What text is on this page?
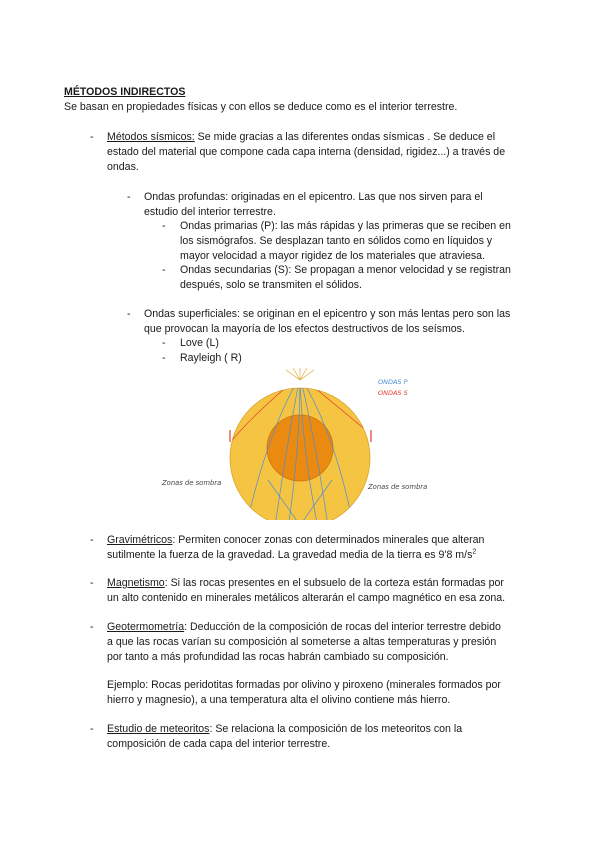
MÉTODOS INDIRECTOS
Se basan en propiedades físicas y con ellos se deduce como es el interior terrestre.
- Métodos sísmicos: Se mide gracias a las diferentes ondas sísmicas . Se deduce el
estado del material que compone cada capa interna (densidad, rigidez...) a través de
ondas.
- Ondas profundas: originadas en el epicentro. Las que nos sirven para el
estudio del interior terrestre.
- Ondas primarias (P): las más rápidas y las primeras que se reciben en
los sismógrafos. Se desplazan tanto en sólidos como en líquidos y
mayor velocidad a mayor rigidez de los materiales que atraviesa.
- Ondas secundarias (S): Se propagan a menor velocidad y se registran
después, solo se transmiten el sólidos.
- Ondas superficiales: se originan en el epicentro y son más lentas pero son las
que provocan la mayoría de los efectos destructivos de los seísmos.
- Love (L)
- Rayleigh ( R)
ONDAS P
ONDAS S
Zonas de sombra	Zonas de sombra
- Gravimétricos: Permiten conocer zonas con determinados minerales que alteran
sutilmente la fuerza de la gravedad. La gravedad media de la tierra es 9'8 $m/s^2$
- Magnetismo: Si las rocas presentes en el subsuelo de la corteza están formadas por
un alto contenido en minerales metálicos alterarán el campo magnético en esa zona.
- Geotermometría: Deducción de la composición de rocas del interior terrestre debido
a que las rocas varían su composición al someterse a altas temperaturas y presión
por tanto a más profundidad las rocas habrán cambiado su composición.
Ejemplo: Rocas peridotitas formadas por olivino y piroxeno (minerales formados por
hierro y magnesio), a una temperatura alta el olivino contiene más hierro.
- Estudio de meteoritos: Se relaciona la composición de los meteoritos con la
composición de cada capa del interior terrestre.
